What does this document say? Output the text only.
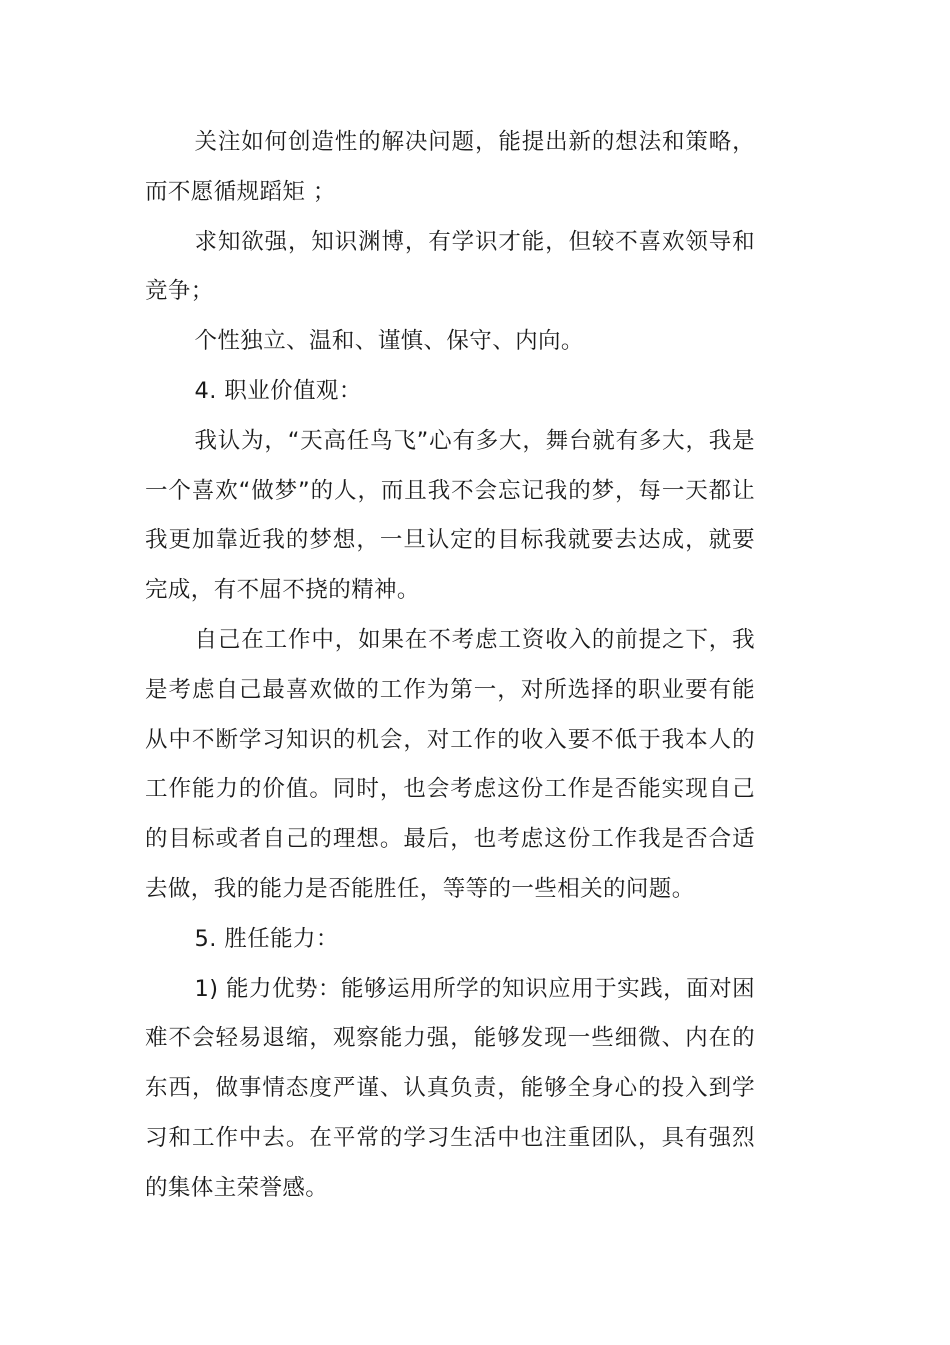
关注如何创造性的解决问题，能提出新的想法和策略，而不愿循规蹈矩 ；

求知欲强，知识渊博，有学识才能，但较不喜欢领导和竞争；

个性独立、温和、谨慎、保守、内向。

4. 职业价值观：

我认为，“天高任鸟飞”心有多大，舞台就有多大，我是一个喜欢“做梦”的人，而且我不会忘记我的梦，每一天都让我更加靠近我的梦想，一旦认定的目标我就要去达成，就要完成，有不屈不挠的精神。

自己在工作中，如果在不考虑工资收入的前提之下，我是考虑自己最喜欢做的工作为第一，对所选择的职业要有能从中不断学习知识的机会，对工作的收入要不低于我本人的工作能力的价值。同时，也会考虑这份工作是否能实现自己的目标或者自己的理想。最后，也考虑这份工作我是否合适去做，我的能力是否能胜任，等等的一些相关的问题。

5. 胜任能力：

1) 能力优势：能够运用所学的知识应用于实践，面对困难不会轻易退缩，观察能力强，能够发现一些细微、内在的东西，做事情态度严谨、认真负责，能够全身心的投入到学习和工作中去。在平常的学习生活中也注重团队，具有强烈的集体主荣誉感。
